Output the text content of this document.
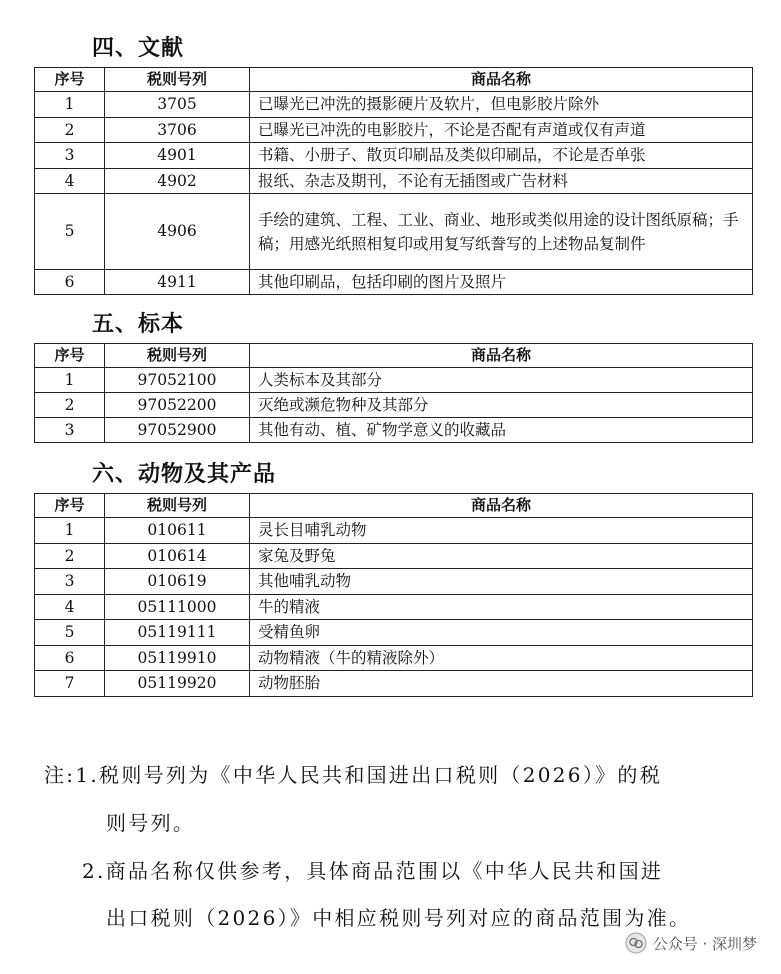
四、文献
序号	税则号列	商品名称
1	3705	已曝光已冲洗的摄影硬片及软片，但电影胶片除外
2	3706	已曝光已冲洗的电影胶片，不论是否配有声道或仅有声道
3	4901	书籍、小册子、散页印刷品及类似印刷品，不论是否单张
4	4902	报纸、杂志及期刊，不论有无插图或广告材料
5	4906	手绘的建筑、工程、工业、商业、地形或类似用途的设计图纸原稿；手稿；用感光纸照相复印或用复写纸誊写的上述物品复制件
6	4911	其他印刷品，包括印刷的图片及照片
五、标本
序号	税则号列	商品名称
1	97052100	人类标本及其部分
2	97052200	灭绝或濒危物种及其部分
3	97052900	其他有动、植、矿物学意义的收藏品
六、动物及其产品
序号	税则号列	商品名称
1	010611	灵长目哺乳动物
2	010614	家兔及野兔
3	010619	其他哺乳动物
4	05111000	牛的精液
5	05119111	受精鱼卵
6	05119910	动物精液（牛的精液除外）
7	05119920	动物胚胎

注:1.税则号列为《中华人民共和国进出口税则（2026）》的税

则号列。

2.商品名称仅供参考，具体商品范围以《中华人民共和国进

出口税则（2026）》中相应税则号列对应的商品范围为准。

公众号 · 深圳梦
